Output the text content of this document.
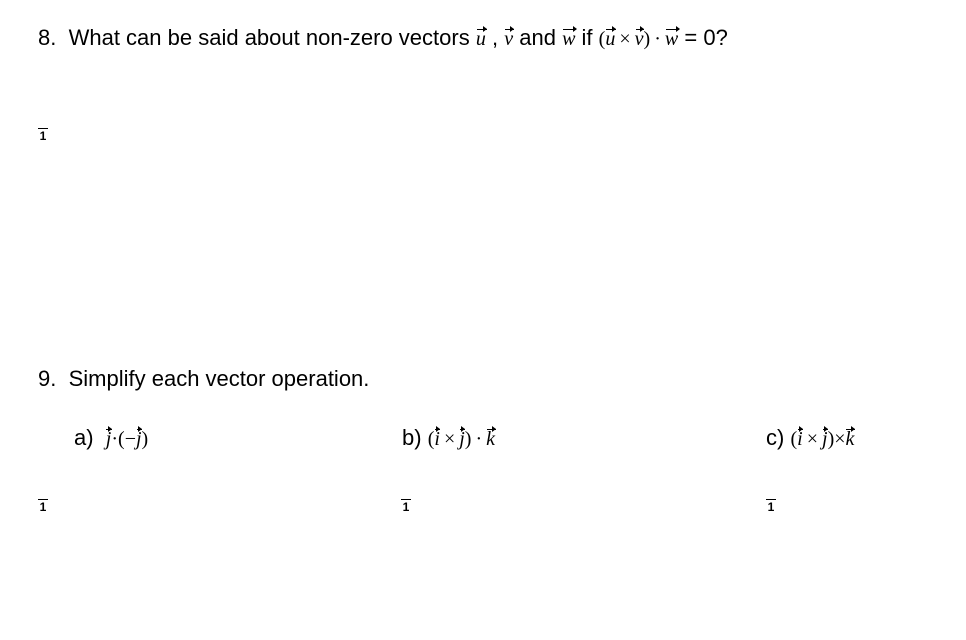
8. What can be said about non-zero vectors u , v and w if (u  ×  v)  ·  w = 0?
1
9. Simplify each vector operation.
a) j·(−j)
1
b) (i  ×  j)  ·  k
1
c) (i  ×  j)×k
1
